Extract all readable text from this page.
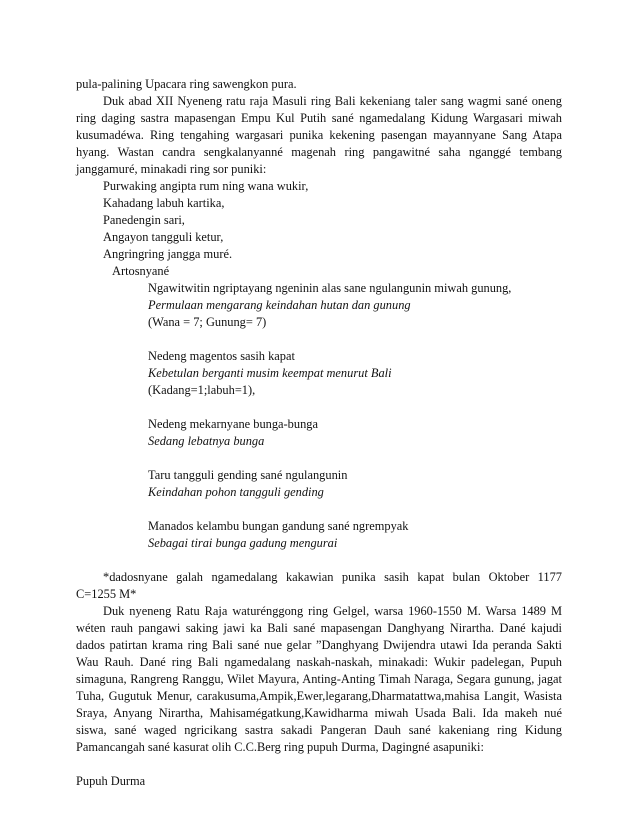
pula-palining Upacara ring sawengkon pura.

Duk abad XII Nyeneng ratu raja Masuli ring Bali kekeniang taler sang wagmi sané oneng ring daging sastra mapasengan Empu Kul Putih sané ngamedalang Kidung Wargasari miwah kusumadéwa. Ring tengahing wargasari punika kekening pasengan mayannyane Sang Atapa hyang. Wastan candra sengkalanyanné magenah ring pangawitné saha nganggé tembang janggamuré, minakadi ring sor puniki:

Purwaking angipta rum ning wana wukir,

Kahadang labuh kartika,

Panedengin sari,

Angayon tangguli ketur,

Angringring jangga muré.

Artosnyané

Ngawitwitin ngriptayang ngeninin alas sane ngulangunin miwah gunung,

Permulaan mengarang keindahan hutan dan gunung

(Wana = 7; Gunung= 7)

Nedeng magentos sasih kapat

Kebetulan berganti musim keempat menurut Bali

(Kadang=1;labuh=1),

Nedeng mekarnyane bunga-bunga

Sedang lebatnya bunga

Taru tangguli gending sané ngulangunin

Keindahan pohon tangguli gending

Manados kelambu bungan gandung sané ngrempyak

Sebagai tirai bunga gadung mengurai

*dadosnyane galah ngamedalang kakawian punika sasih kapat bulan Oktober 1177

C=1255 M*

Duk nyeneng Ratu Raja waturénggong ring Gelgel, warsa 1960-1550 M. Warsa 1489 M wéten rauh pangawi saking jawi ka Bali sané mapasengan Danghyang Nirartha. Dané kajudi dados patirtan krama ring Bali sané nue gelar ”Danghyang Dwijendra utawi Ida peranda Sakti Wau Rauh. Dané ring Bali ngamedalang naskah-naskah, minakadi: Wukir padelegan, Pupuh simaguna, Rangreng Ranggu, Wilet Mayura, Anting-Anting Timah Naraga, Segara gunung, jagat Tuha, Gugutuk Menur, carakusuma,Ampik,Ewer,legarang,Dharmatattwa,mahisa Langit, Wasista Sraya, Anyang Nirartha, Mahisamégatkung,Kawidharma miwah Usada Bali. Ida makeh nué siswa, sané waged ngricikang sastra sakadi Pangeran Dauh sané kakeniang ring Kidung Pamancangah sané kasurat olih C.C.Berg ring pupuh Durma, Dagingné asapuniki:

Pupuh Durma
